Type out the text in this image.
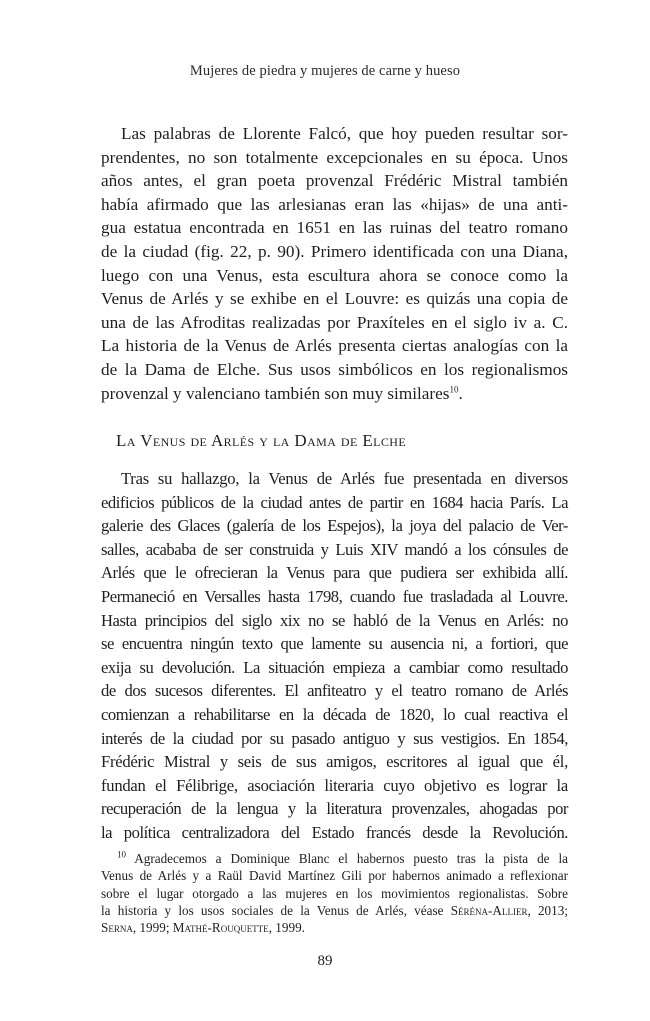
Mujeres de piedra y mujeres de carne y hueso
Las palabras de Llorente Falcó, que hoy pueden resultar sor-
prendentes, no son totalmente excepcionales en su época. Unos
años antes, el gran poeta provenzal Frédéric Mistral también
había afirmado que las arlesianas eran las «hijas» de una anti-
gua estatua encontrada en 1651 en las ruinas del teatro romano
de la ciudad (fig. 22, p. 90). Primero identificada con una Diana,
luego con una Venus, esta escultura ahora se conoce como la
Venus de Arlés y se exhibe en el Louvre: es quizás una copia de
una de las Afroditas realizadas por Praxíteles en el siglo iv a. C.
La historia de la Venus de Arlés presenta ciertas analogías con la
de la Dama de Elche. Sus usos simbólicos en los regionalismos
provenzal y valenciano también son muy similares$^{10}$.
La Venus de Arlés y la Dama de Elche
Tras su hallazgo, la Venus de Arlés fue presentada en diversos
edificios públicos de la ciudad antes de partir en 1684 hacia París. La
galerie des Glaces (galería de los Espejos), la joya del palacio de Ver-
salles, acababa de ser construida y Luis XIV mandó a los cónsules de
Arlés que le ofrecieran la Venus para que pudiera ser exhibida allí.
Permaneció en Versalles hasta 1798, cuando fue trasladada al Louvre.
Hasta principios del siglo xix no se habló de la Venus en Arlés: no
se encuentra ningún texto que lamente su ausencia ni, a fortiori, que
exija su devolución. La situación empieza a cambiar como resultado
de dos sucesos diferentes. El anfiteatro y el teatro romano de Arlés
comienzan a rehabilitarse en la década de 1820, lo cual reactiva el
interés de la ciudad por su pasado antiguo y sus vestigios. En 1854,
Frédéric Mistral y seis de sus amigos, escritores al igual que él,
fundan el Félibrige, asociación literaria cuyo objetivo es lograr la
recuperación de la lengua y la literatura provenzales, ahogadas por
la política centralizadora del Estado francés desde la Revolución.
$^{10}$ Agradecemos a Dominique Blanc el habernos puesto tras la pista de la
Venus de Arlés y a Raül David Martínez Gili por habernos animado a reflexionar
sobre el lugar otorgado a las mujeres en los movimientos regionalistas. Sobre
la historia y los usos sociales de la Venus de Arlés, véase Séréna-Allier, 2013;
Serna, 1999; Mathé-Rouquette, 1999.
89
